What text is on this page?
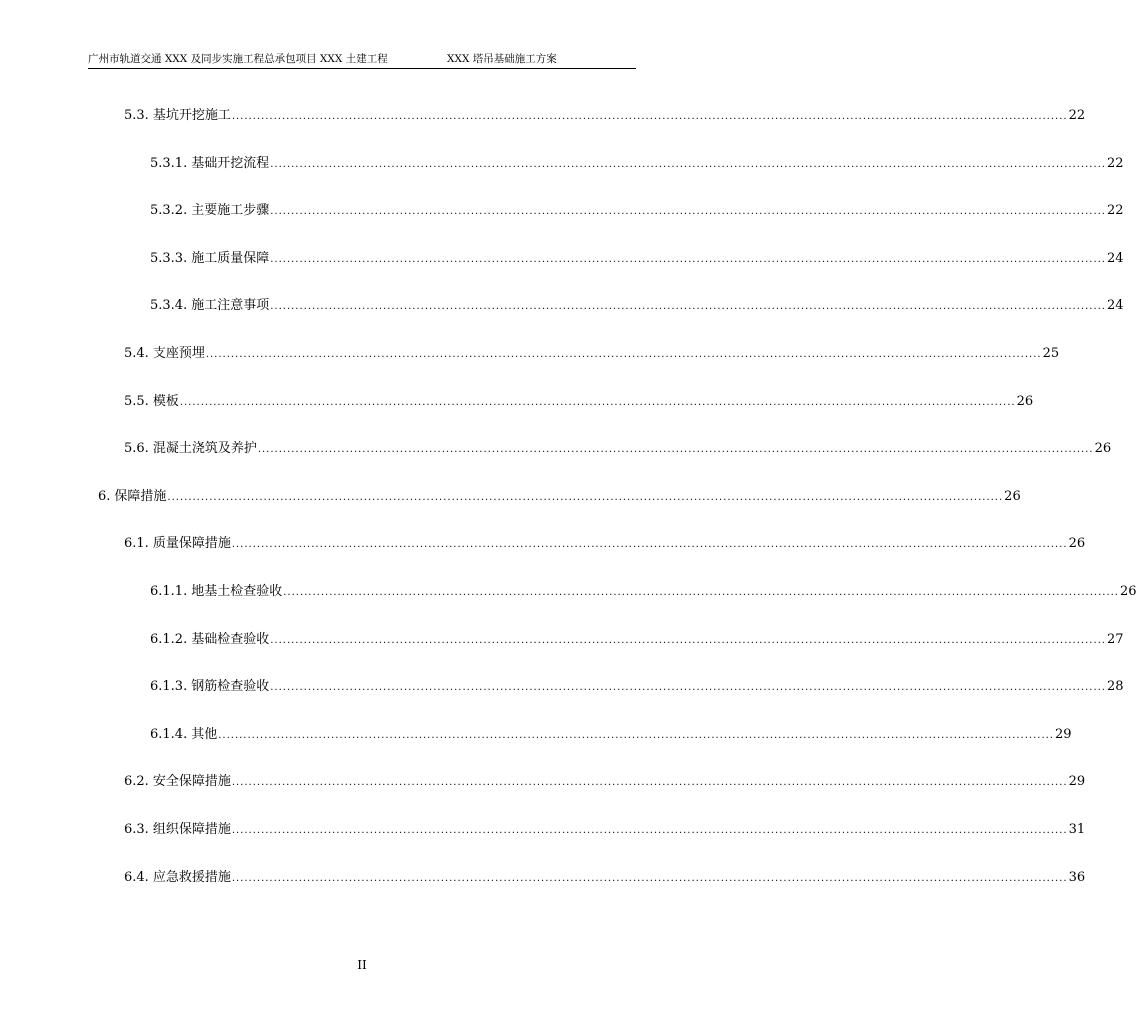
广州市轨道交通 XXX 及同步实施工程总承包项目 XXX 土建工程	XXX 塔吊基础施工方案
5.3. 基坑开挖施工 ........................................................................................................................................................................................................ 22
5.3.1. 基础开挖流程 ........................................................................................................................................................................................................ 22
5.3.2. 主要施工步骤 ........................................................................................................................................................................................................ 22
5.3.3. 施工质量保障 ........................................................................................................................................................................................................ 24
5.3.4. 施工注意事项 ........................................................................................................................................................................................................ 24
5.4. 支座预埋 ........................................................................................................................................................................................................ 25
5.5. 模板 ........................................................................................................................................................................................................ 26
5.6. 混凝土浇筑及养护 ........................................................................................................................................................................................................ 26
6. 保障措施 ........................................................................................................................................................................................................ 26
6.1. 质量保障措施 ........................................................................................................................................................................................................ 26
6.1.1. 地基土检查验收 ........................................................................................................................................................................................................ 26
6.1.2. 基础检查验收 ........................................................................................................................................................................................................ 27
6.1.3. 钢筋检查验收 ........................................................................................................................................................................................................ 28
6.1.4. 其他 ........................................................................................................................................................................................................ 29
6.2. 安全保障措施 ........................................................................................................................................................................................................ 29
6.3. 组织保障措施 ........................................................................................................................................................................................................ 31
6.4. 应急救援措施 ........................................................................................................................................................................................................ 36
II
